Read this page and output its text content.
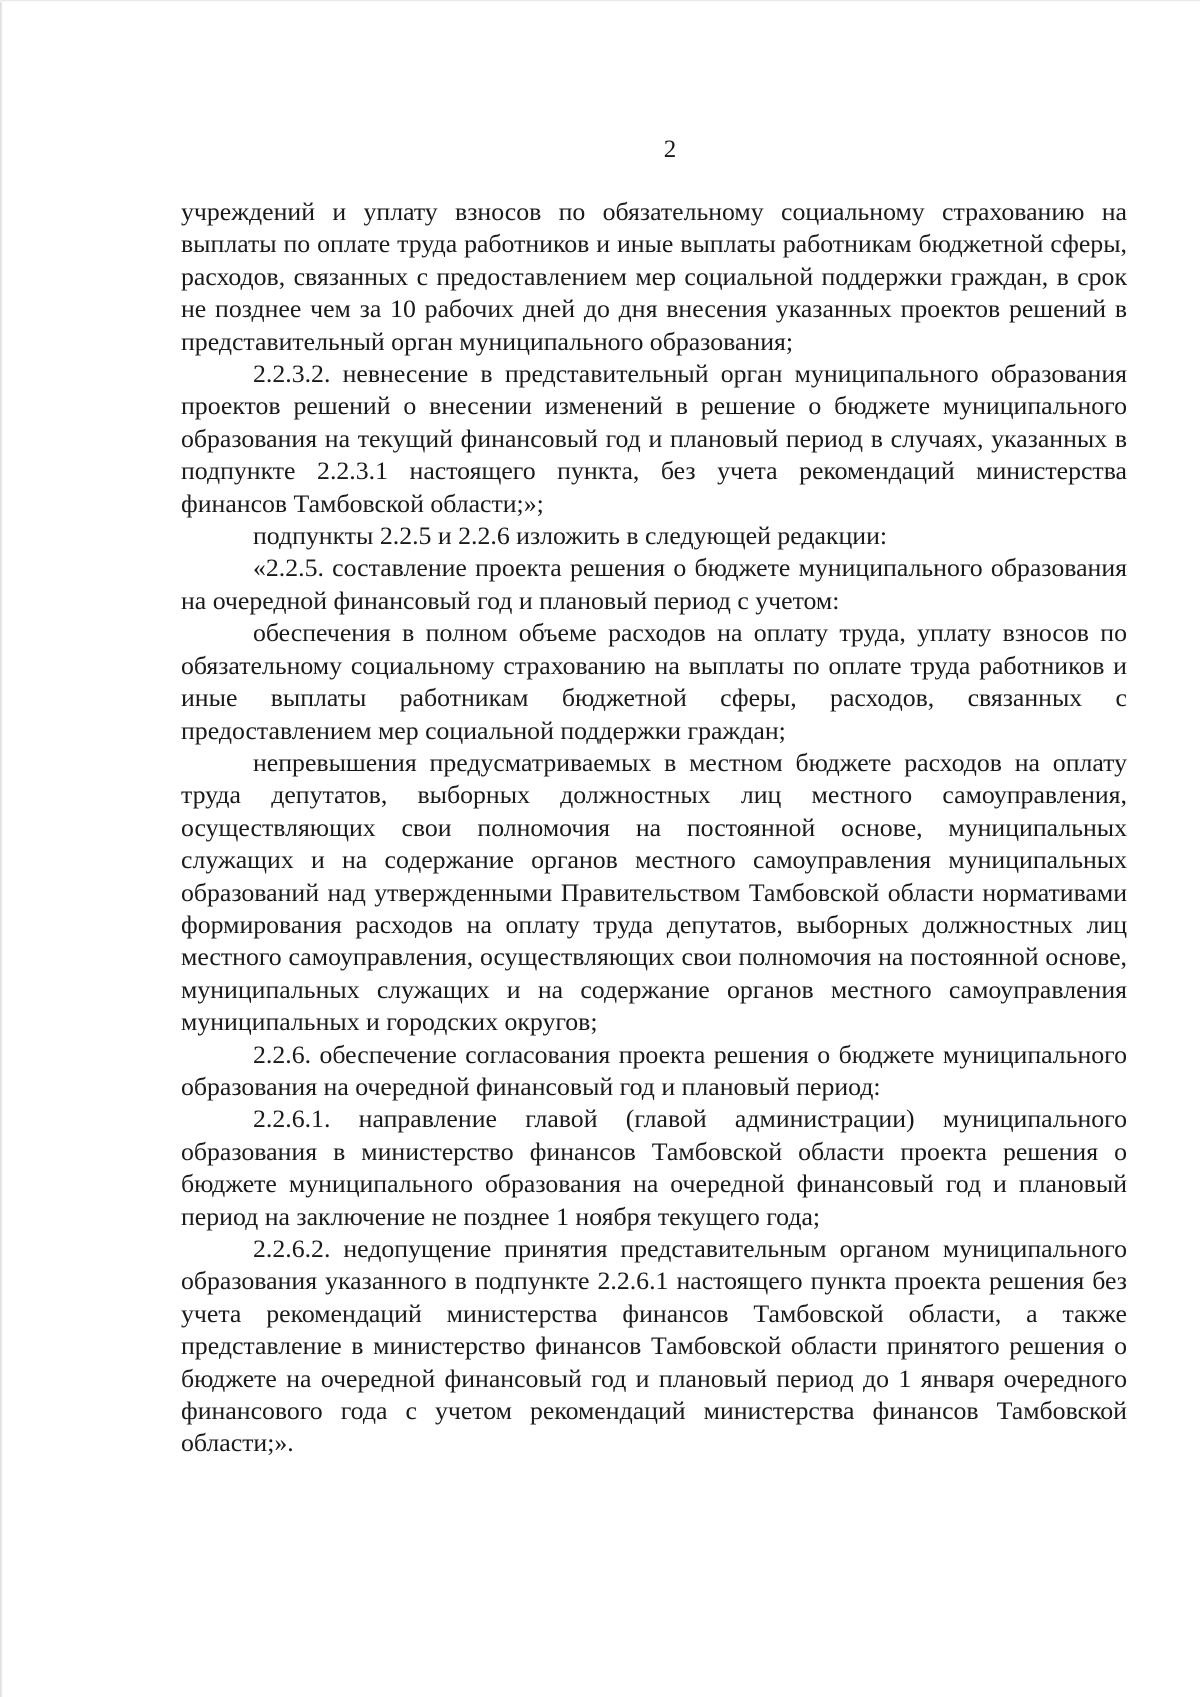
2

учреждений и уплату взносов по обязательному социальному страхованию на выплаты по оплате труда работников и иные выплаты работникам бюджетной сферы, расходов, связанных с предоставлением мер социальной поддержки граждан, в срок не позднее чем за 10 рабочих дней до дня внесения указанных проектов решений в представительный орган муниципального образования;

2.2.3.2. невнесение в представительный орган муниципального образования проектов решений о внесении изменений в решение о бюджете муниципального образования на текущий финансовый год и плановый период в случаях, указанных в подпункте 2.2.3.1 настоящего пункта, без учета рекомендаций министерства финансов Тамбовской области;»;

подпункты 2.2.5 и 2.2.6 изложить в следующей редакции:

«2.2.5. составление проекта решения о бюджете муниципального образования на очередной финансовый год и плановый период с учетом:

обеспечения в полном объеме расходов на оплату труда, уплату взносов по обязательному социальному страхованию на выплаты по оплате труда работников и иные выплаты работникам бюджетной сферы, расходов, связанных с предоставлением мер социальной поддержки граждан;

непревышения предусматриваемых в местном бюджете расходов на оплату труда депутатов, выборных должностных лиц местного самоуправления, осуществляющих свои полномочия на постоянной основе, муниципальных служащих и на содержание органов местного самоуправления муниципальных образований над утвержденными Правительством Тамбовской области нормативами формирования расходов на оплату труда депутатов, выборных должностных лиц местного самоуправления, осуществляющих свои полномочия на постоянной основе, муниципальных служащих и на содержание органов местного самоуправления муниципальных и городских округов;

2.2.6. обеспечение согласования проекта решения о бюджете муниципального образования на очередной финансовый год и плановый период:

2.2.6.1. направление главой (главой администрации) муниципального образования в министерство финансов Тамбовской области проекта решения о бюджете муниципального образования на очередной финансовый год и плановый период на заключение не позднее 1 ноября текущего года;

2.2.6.2. недопущение принятия представительным органом муниципального образования указанного в подпункте 2.2.6.1 настоящего пункта проекта решения без учета рекомендаций министерства финансов Тамбовской области, а также представление в министерство финансов Тамбовской области принятого решения о бюджете на очередной финансовый год и плановый период до 1 января очередного финансового года с учетом рекомендаций министерства финансов Тамбовской области;».
